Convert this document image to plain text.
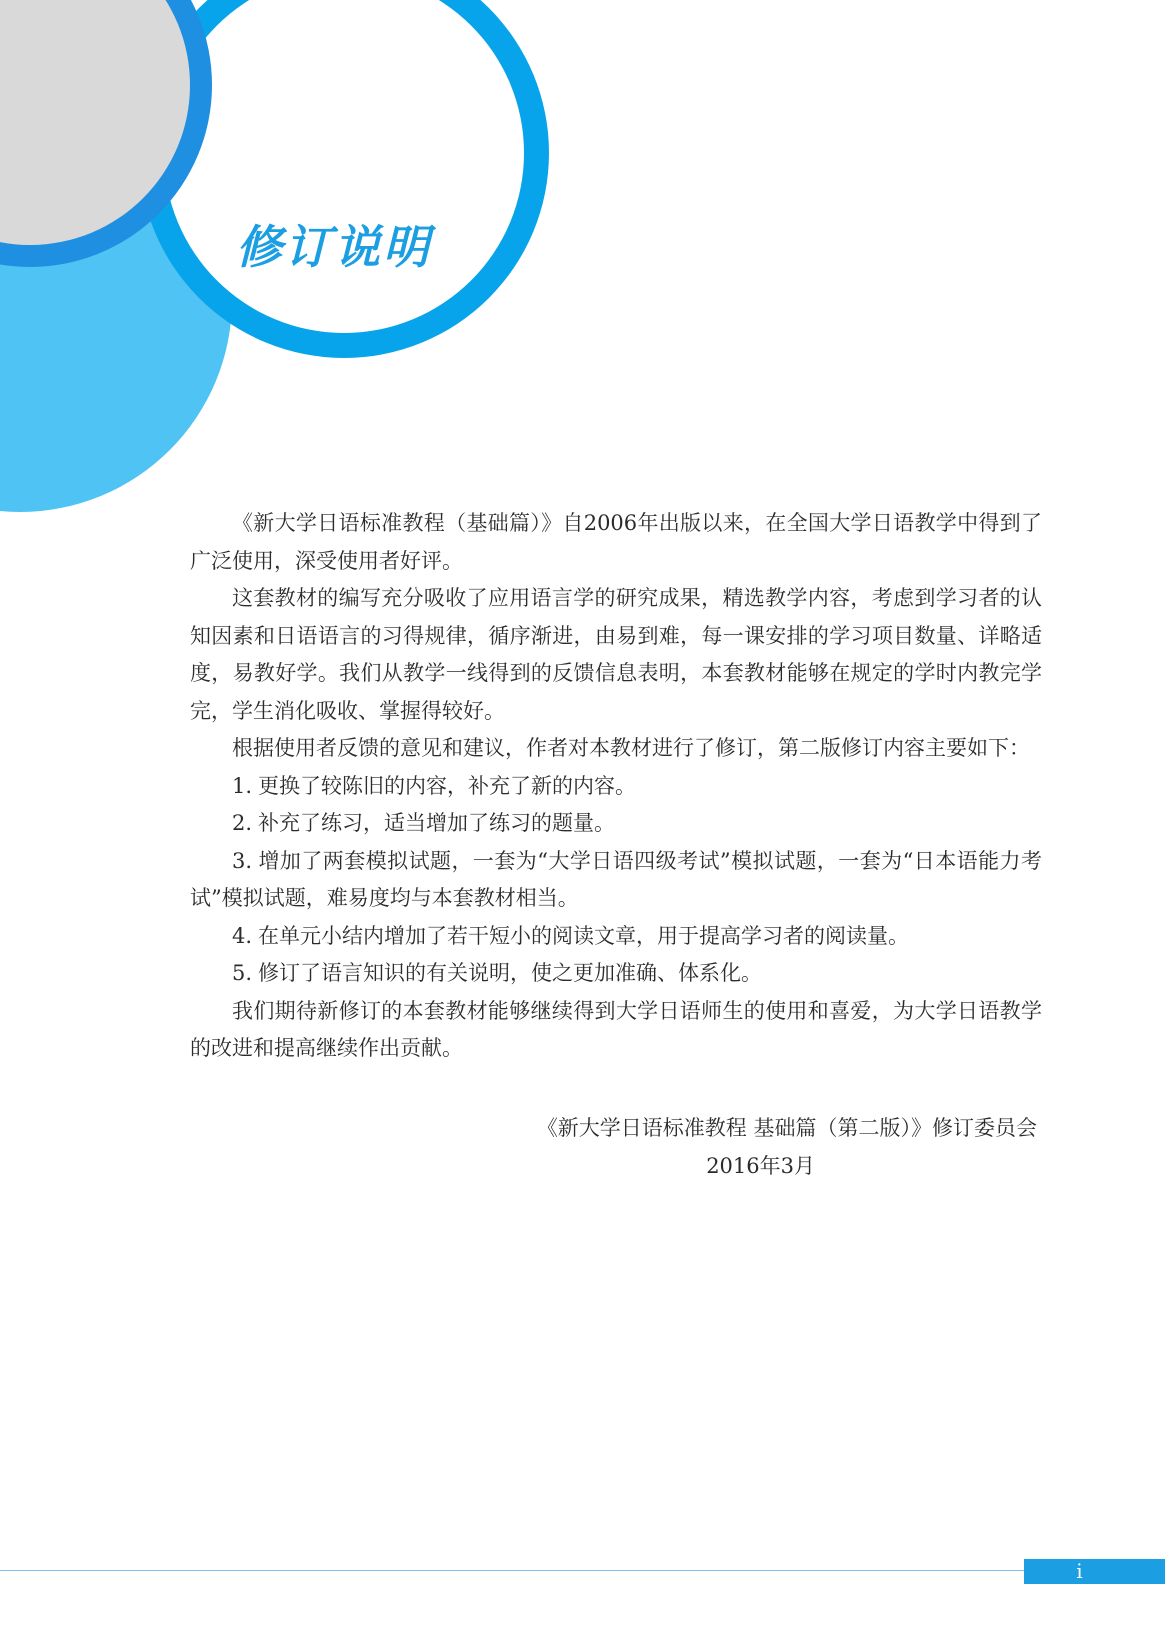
修订说明

《新大学日语标准教程（基础篇）》自2006年出版以来，在全国大学日语教学中得到了广泛使用，深受使用者好评。

这套教材的编写充分吸收了应用语言学的研究成果，精选教学内容，考虑到学习者的认知因素和日语语言的习得规律，循序渐进，由易到难，每一课安排的学习项目数量、详略适度，易教好学。我们从教学一线得到的反馈信息表明，本套教材能够在规定的学时内教完学完，学生消化吸收、掌握得较好。

根据使用者反馈的意见和建议，作者对本教材进行了修订，第二版修订内容主要如下：

1. 更换了较陈旧的内容，补充了新的内容。
2. 补充了练习，适当增加了练习的题量。
3. 增加了两套模拟试题，一套为“大学日语四级考试”模拟试题，一套为“日本语能力考试”模拟试题，难易度均与本套教材相当。
4. 在单元小结内增加了若干短小的阅读文章，用于提高学习者的阅读量。
5. 修订了语言知识的有关说明，使之更加准确、体系化。

我们期待新修订的本套教材能够继续得到大学日语师生的使用和喜爱，为大学日语教学的改进和提高继续作出贡献。

《新大学日语标准教程 基础篇（第二版）》修订委员会
2016年3月
i
